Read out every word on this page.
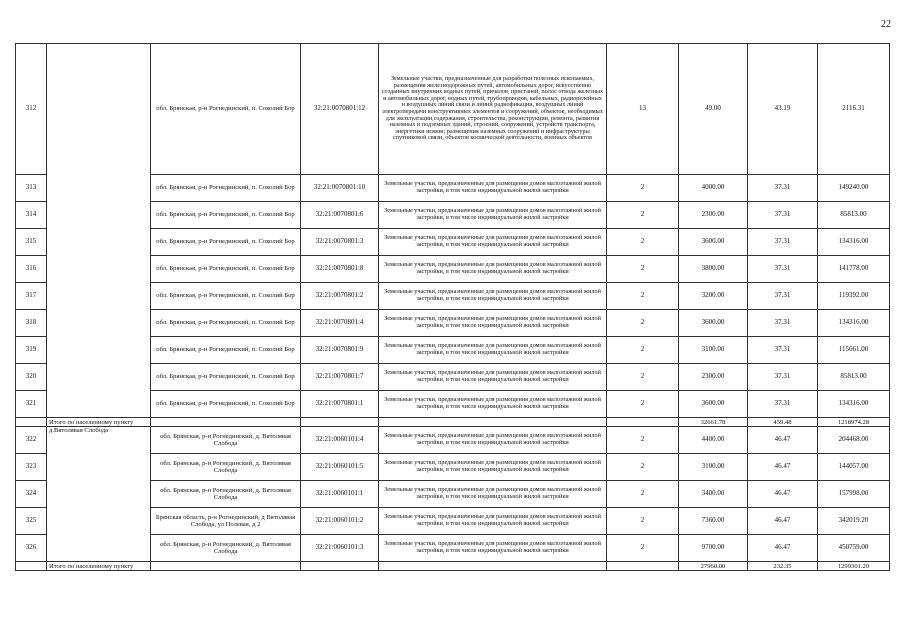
22
312		обл. Брянская, р-н Рогнединский, п. Соколий Бор	32:21:0070801:12	Земельные участки, предназначенные для разработки полезных ископаемых, размещения железнодорожных путей, автомобильных дорог, искусственно созданных внутренних водных путей, причалов, пристаней, полос отвода железных и автомобильных дорог, водных путей, трубопроводов, кабельных, радиорелейных и воздушных линий связи и линий радиофикации, воздушных линий электропередачи конструктивных элементов и сооружений, объектов, необходимых для эксплуатации,содержания, строительства, реконструкции, ремонта, развития наземных и подземных зданий, строений, сооружений, устройств транспорта, энергетики исвязи; размещения наземных сооружений и инфраструктуры спутниковой связи, объектов космической деятельности, военных объектов	13	49.00	43.19	2116.31
313		обл. Брянская, р-н Рогнединский, п. Соколий Бор	32:21:0070801:10	Земельные участки, предназначенные для размещения домов малоэтажной жилой застройки, в том числе индивидуальной жилой застройки	2	4000.00	37.31	149240.00
314		обл. Брянская, р-н Рогнединский, п. Соколий Бор	32:21:0070801:6	Земельные участки, предназначенные для размещения домов малоэтажной жилой застройки, в том числе индивидуальной жилой застройки	2	2300.00	37.31	85813.00
315		обл. Брянская, р-н Рогнединский, п. Соколий Бор	32:21:0070801:3	Земельные участки, предназначенные для размещения домов малоэтажной жилой застройки, в том числе индивидуальной жилой застройки	2	3600.00	37.31	134316.00
316		обл. Брянская, р-н Рогнединский, п. Соколий Бор	32:21:0070801:8	Земельные участки, предназначенные для размещения домов малоэтажной жилой застройки, в том числе индивидуальной жилой застройки	2	3800.00	37.31	141778.00
317		обл. Брянская, р-н Рогнединский, п. Соколий Бор	32:21:0070801:2	Земельные участки, предназначенные для размещения домов малоэтажной жилой застройки, в том числе индивидуальной жилой застройки	2	3200.00	37.31	119392.00
318		обл. Брянская, р-н Рогнединский, п. Соколий Бор	32:21:0070801:4	Земельные участки, предназначенные для размещения домов малоэтажной жилой застройки, в том числе индивидуальной жилой застройки	2	3600.00	37.31	134316.00
319		обл. Брянская, р-н Рогнединский, п. Соколий Бор	32:21:0070801:9	Земельные участки, предназначенные для размещения домов малоэтажной жилой застройки, в том числе индивидуальной жилой застройки	2	3100.00	37.31	115661.00
320		обл. Брянская, р-н Рогнединский, п. Соколий Бор	32:21:0070801:7	Земельные участки, предназначенные для размещения домов малоэтажной жилой застройки, в том числе индивидуальной жилой застройки	2	2300.00	37.31	85813.00
321		обл. Брянская, р-н Рогнединский, п. Соколий Бор	32:21:0070801:1	Земельные участки, предназначенные для размещения домов малоэтажной жилой застройки, в том числе индивидуальной жилой застройки	2	3600.00	37.31	134316.00
	Итого по населенному пункту					32661.78	459.48	1218974.28
322	д.Вятолявая Слобода	обл. Брянская, р-н Рогнединский, д. Вятолявая Слобода	32:21:0060101:4	Земельные участки, предназначенные для размещения домов малоэтажной жилой застройки, в том числе индивидуальной жилой застройки	2	4400.00	46.47	204468.00
323		обл. Брянская, р-н Рогнединский, д. Вятолявая Слобода	32:21:0060101:5	Земельные участки, предназначенные для размещения домов малоэтажной жилой застройки, в том числе индивидуальной жилой застройки	2	3100.00	46.47	144057.00
324		обл. Брянская, р-н Рогнединский, д. Вятолявая Слобода	32:21:0060101:1	Земельные участки, предназначенные для размещения домов малоэтажной жилой застройки, в том числе индивидуальной жилой застройки	2	3400.00	46.47	157998.00
325		Брянская область, р-н Рогнединский, д Вятолявая Слобода, ул Полевая, д 2	32:21:0060101:2	Земельные участки, предназначенные для размещения домов малоэтажной жилой застройки, в том числе индивидуальной жилой застройки	2	7360.00	46.47	342019.20
326		обл. Брянская, р-н Рогнединский, д. Вятолявая Слобода	32:21:0060101:3	Земельные участки, предназначенные для размещения домов малоэтажной жилой застройки, в том числе индивидуальной жилой застройки	2	9700.00	46.47	450759.00
	Итого по населенному пункту					27960.00	232.35	1299301.20
